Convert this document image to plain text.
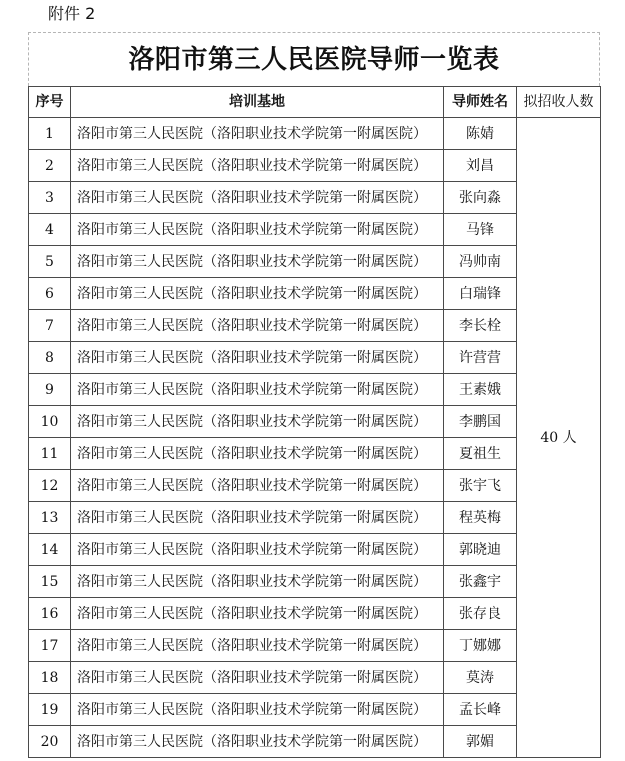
附件 2
洛阳市第三人民医院导师一览表
序号	培训基地	导师姓名	拟招收人数
1	洛阳市第三人民医院（洛阳职业技术学院第一附属医院）	陈婧	40 人
2	洛阳市第三人民医院（洛阳职业技术学院第一附属医院）	刘昌	
3	洛阳市第三人民医院（洛阳职业技术学院第一附属医院）	张向淼	
4	洛阳市第三人民医院（洛阳职业技术学院第一附属医院）	马锋	
5	洛阳市第三人民医院（洛阳职业技术学院第一附属医院）	冯帅南	
6	洛阳市第三人民医院（洛阳职业技术学院第一附属医院）	白瑞锋	
7	洛阳市第三人民医院（洛阳职业技术学院第一附属医院）	李长栓	
8	洛阳市第三人民医院（洛阳职业技术学院第一附属医院）	许营营	
9	洛阳市第三人民医院（洛阳职业技术学院第一附属医院）	王素娥	
10	洛阳市第三人民医院（洛阳职业技术学院第一附属医院）	李鹏国	
11	洛阳市第三人民医院（洛阳职业技术学院第一附属医院）	夏祖生	
12	洛阳市第三人民医院（洛阳职业技术学院第一附属医院）	张宇飞	
13	洛阳市第三人民医院（洛阳职业技术学院第一附属医院）	程英梅	
14	洛阳市第三人民医院（洛阳职业技术学院第一附属医院）	郭晓迪	
15	洛阳市第三人民医院（洛阳职业技术学院第一附属医院）	张鑫宇	
16	洛阳市第三人民医院（洛阳职业技术学院第一附属医院）	张存良	
17	洛阳市第三人民医院（洛阳职业技术学院第一附属医院）	丁娜娜	
18	洛阳市第三人民医院（洛阳职业技术学院第一附属医院）	莫涛	
19	洛阳市第三人民医院（洛阳职业技术学院第一附属医院）	孟长峰	
20	洛阳市第三人民医院（洛阳职业技术学院第一附属医院）	郭媚	
